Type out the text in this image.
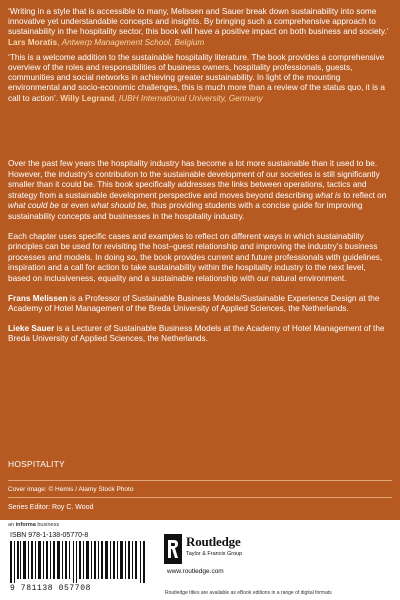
‘Writing in a style that is accessible to many, Melissen and Sauer break down sustainability into some innovative yet understandable concepts and insights. By bringing such a comprehensive approach to sustainability in the hospitality sector, this book will have a positive impact on both business and society.’ Lars Moratis, Antwerp Management School, Belgium

‘This is a welcome addition to the sustainable hospitality literature. The book provides a comprehensive overview of the roles and responsibilities of business owners, hospitality professionals, guests, communities and social networks in achieving greater sustainability. In light of the mounting environmental and socio-economic challenges, this is much more than a review of the status quo, it is a call to action’. Willy Legrand, IUBH International University, Germany

Over the past few years the hospitality industry has become a lot more sustainable than it used to be. However, the industry’s contribution to the sustainable development of our societies is still significantly smaller than it could be. This book specifically addresses the links between operations, tactics and strategy from a sustainable development perspective and moves beyond describing what is to reflect on what could be or even what should be, thus providing students with a concise guide for improving sustainability concepts and businesses in the hospitality industry.

Each chapter uses specific cases and examples to reflect on different ways in which sustainability principles can be used for revisiting the host–guest relationship and improving the industry’s business processes and models. In doing so, the book provides current and future professionals with guidelines, inspiration and a call for action to take sustainability within the hospitality industry to the next level, based on inclusiveness, equality and a sustainable relationship with our natural environment.

Frans Melissen is a Professor of Sustainable Business Models/Sustainable Experience Design at the Academy of Hotel Management of the Breda University of Applied Sciences, the Netherlands.

Lieke Sauer is a Lecturer of Sustainable Business Models at the Academy of Hotel Management of the Breda University of Applied Sciences, the Netherlands.

HOSPITALITY
Cover image: © Hemis / Alamy Stock Photo
Series Editor: Roy C. Wood
an informa business
ISBN 978-1-138-05770-8
9 781138 057708
Routledge
Taylor & Francis Group
www.routledge.com
Routledge titles are available as eBook editions in a range of digital formats
